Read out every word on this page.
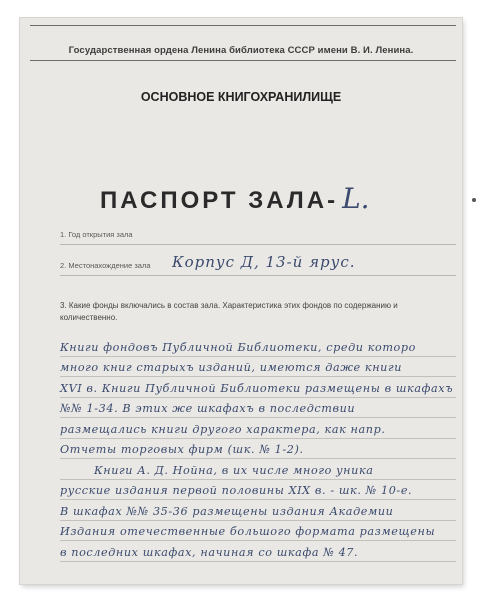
Государственная ордена Ленина библиотека СССР имени В. И. Ленина.
ОСНОВНОЕ КНИГОХРАНИЛИЩЕ
ПАСПОРТ ЗАЛА- L.
1. Год открытия зала
2. Местонахождение зала Корпус Д, 13-й ярус.
3. Какие фонды включались в состав зала. Характеристика этих фондов по содержанию и количественно.
Книги фондовъ Публичной Библиотеки, среди которо
много книг старыхъ изданий, имеются даже книги
XVI в. Книги Публичной Библиотеки размещены в шкафахъ
№№ 1-34. В этих же шкафахъ в последствии
размещались книги другого характера, как напр.
Отчеты торговых фирм (шк. № 1-2).
Книги А. Д. Нойна, в их числе много уника
русские издания первой половины XIX в. - шк. № 10-е.
В шкафах №№ 35-36 размещены издания Академии
Издания отечественные большого формата размещены
в последних шкафах, начиная со шкафа № 47.
